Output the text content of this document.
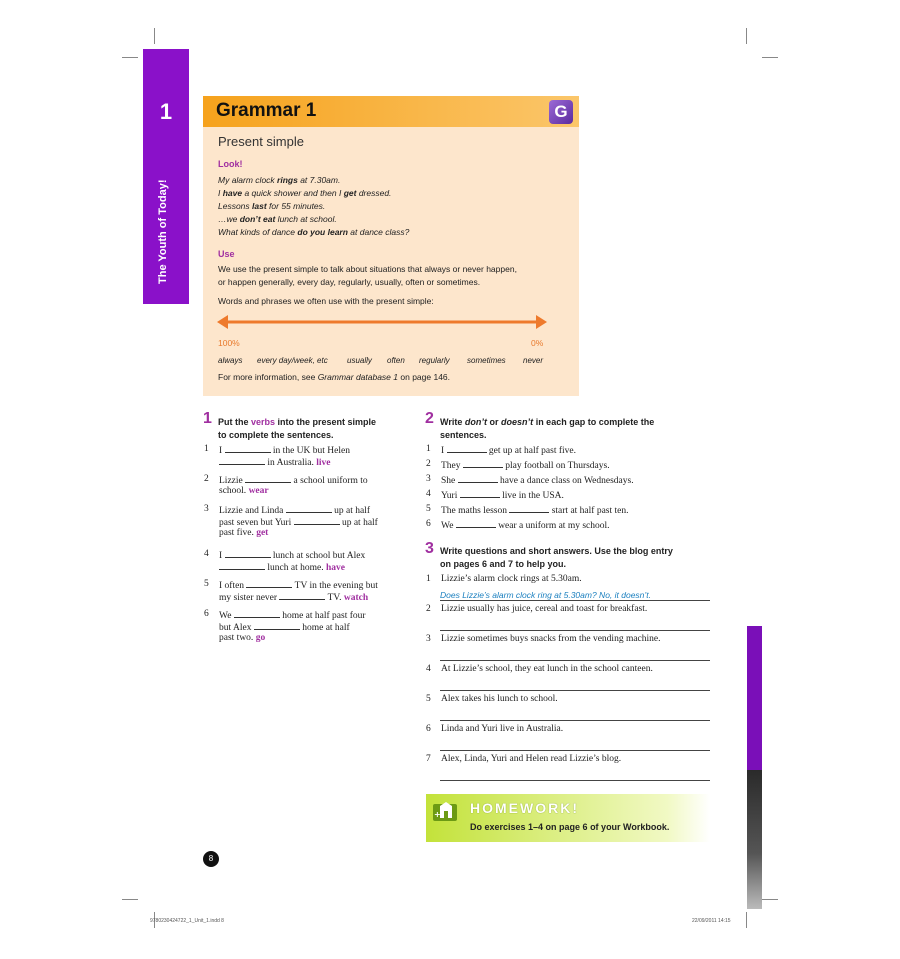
1
The Youth of Today!
Grammar 1	G
Present simple
Look!
My alarm clock rings at 7.30am.
I have a quick shower and then I get dressed.
Lessons last for 55 minutes.
…we don’t eat lunch at school.
What kinds of dance do you learn at dance class?
Use
We use the present simple to talk about situations that always or never happen,
or happen generally, every day, regularly, usually, often or sometimes.
Words and phrases we often use with the present simple:
100%	0%
always every day/week, etc usually often regularly sometimes never
For more information, see Grammar database 1 on page 146.
1 Put the verbs into the present simple
to complete the sentences.
1 I	in the UK but Helen
in Australia. live
2 Lizzie	a school uniform to
school. wear
3 Lizzie and Linda	up at half
past seven but Yuri	up at half
past five. get
4 I	lunch at school but Alex
lunch at home. have
5 I often	TV in the evening but
my sister never	TV. watch
6 We	home at half past four
but Alex	home at half
past two. go
2 Write don’t or doesn’t in each gap to complete the
sentences.
1 I	get up at half past five.
2 They	play football on Thursdays.
3 She	have a dance class on Wednesdays.
4 Yuri	live in the USA.
5 The maths lesson	start at half past ten.
6 We	wear a uniform at my school.
3 Write questions and short answers. Use the blog entry
on pages 6 and 7 to help you.
1 Lizzie’s alarm clock rings at 5.30am.
2 Lizzie usually has juice, cereal and toast for breakfast.
3 Lizzie sometimes buys snacks from the vending machine.
4 At Lizzie’s school, they eat lunch in the school canteen.
5 Alex takes his lunch to school.
6 Linda and Yuri live in Australia.
7 Alex, Linda, Yuri and Helen read Lizzie’s blog.
Does Lizzie’s alarm clock ring at 5.30am? No, it doesn’t.
+ HOMEWORK!
Do exercises 1–4 on page 6 of your Workbook.
8
9780230424722_1_Unit_1.indd 8	22/09/2011 14:15
